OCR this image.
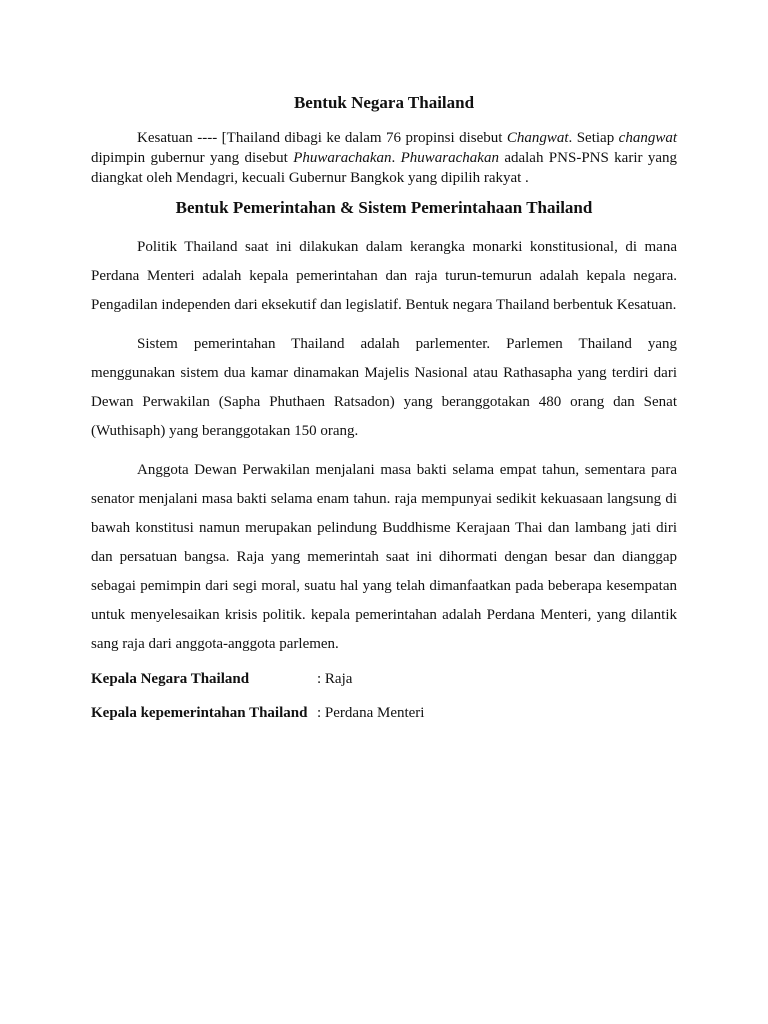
Bentuk Negara Thailand

Kesatuan ---- [Thailand dibagi ke dalam 76 propinsi disebut Changwat. Setiap changwat dipimpin gubernur yang disebut Phuwarachakan. Phuwarachakan adalah PNS-PNS karir yang diangkat oleh Mendagri, kecuali Gubernur Bangkok yang dipilih rakyat .

Bentuk Pemerintahan & Sistem Pemerintahaan Thailand

Politik Thailand saat ini dilakukan dalam kerangka monarki konstitusional, di mana Perdana Menteri adalah kepala pemerintahan dan raja turun-temurun adalah kepala negara. Pengadilan independen dari eksekutif dan legislatif. Bentuk negara Thailand berbentuk Kesatuan.

Sistem pemerintahan Thailand adalah parlementer. Parlemen Thailand yang menggunakan sistem dua kamar dinamakan Majelis Nasional atau Rathasapha yang terdiri dari Dewan Perwakilan (Sapha Phuthaen Ratsadon) yang beranggotakan 480 orang dan Senat (Wuthisaph) yang beranggotakan 150 orang.

Anggota Dewan Perwakilan menjalani masa bakti selama empat tahun, sementara para senator menjalani masa bakti selama enam tahun. raja mempunyai sedikit kekuasaan langsung di bawah konstitusi namun merupakan pelindung Buddhisme Kerajaan Thai dan lambang jati diri dan persatuan bangsa. Raja yang memerintah saat ini dihormati dengan besar dan dianggap sebagai pemimpin dari segi moral, suatu hal yang telah dimanfaatkan pada beberapa kesempatan untuk menyelesaikan krisis politik. kepala pemerintahan adalah Perdana Menteri, yang dilantik sang raja dari anggota-anggota parlemen.

Kepala Negara Thailand	: Raja
Kepala kepemerintahan Thailand : Perdana Menteri
